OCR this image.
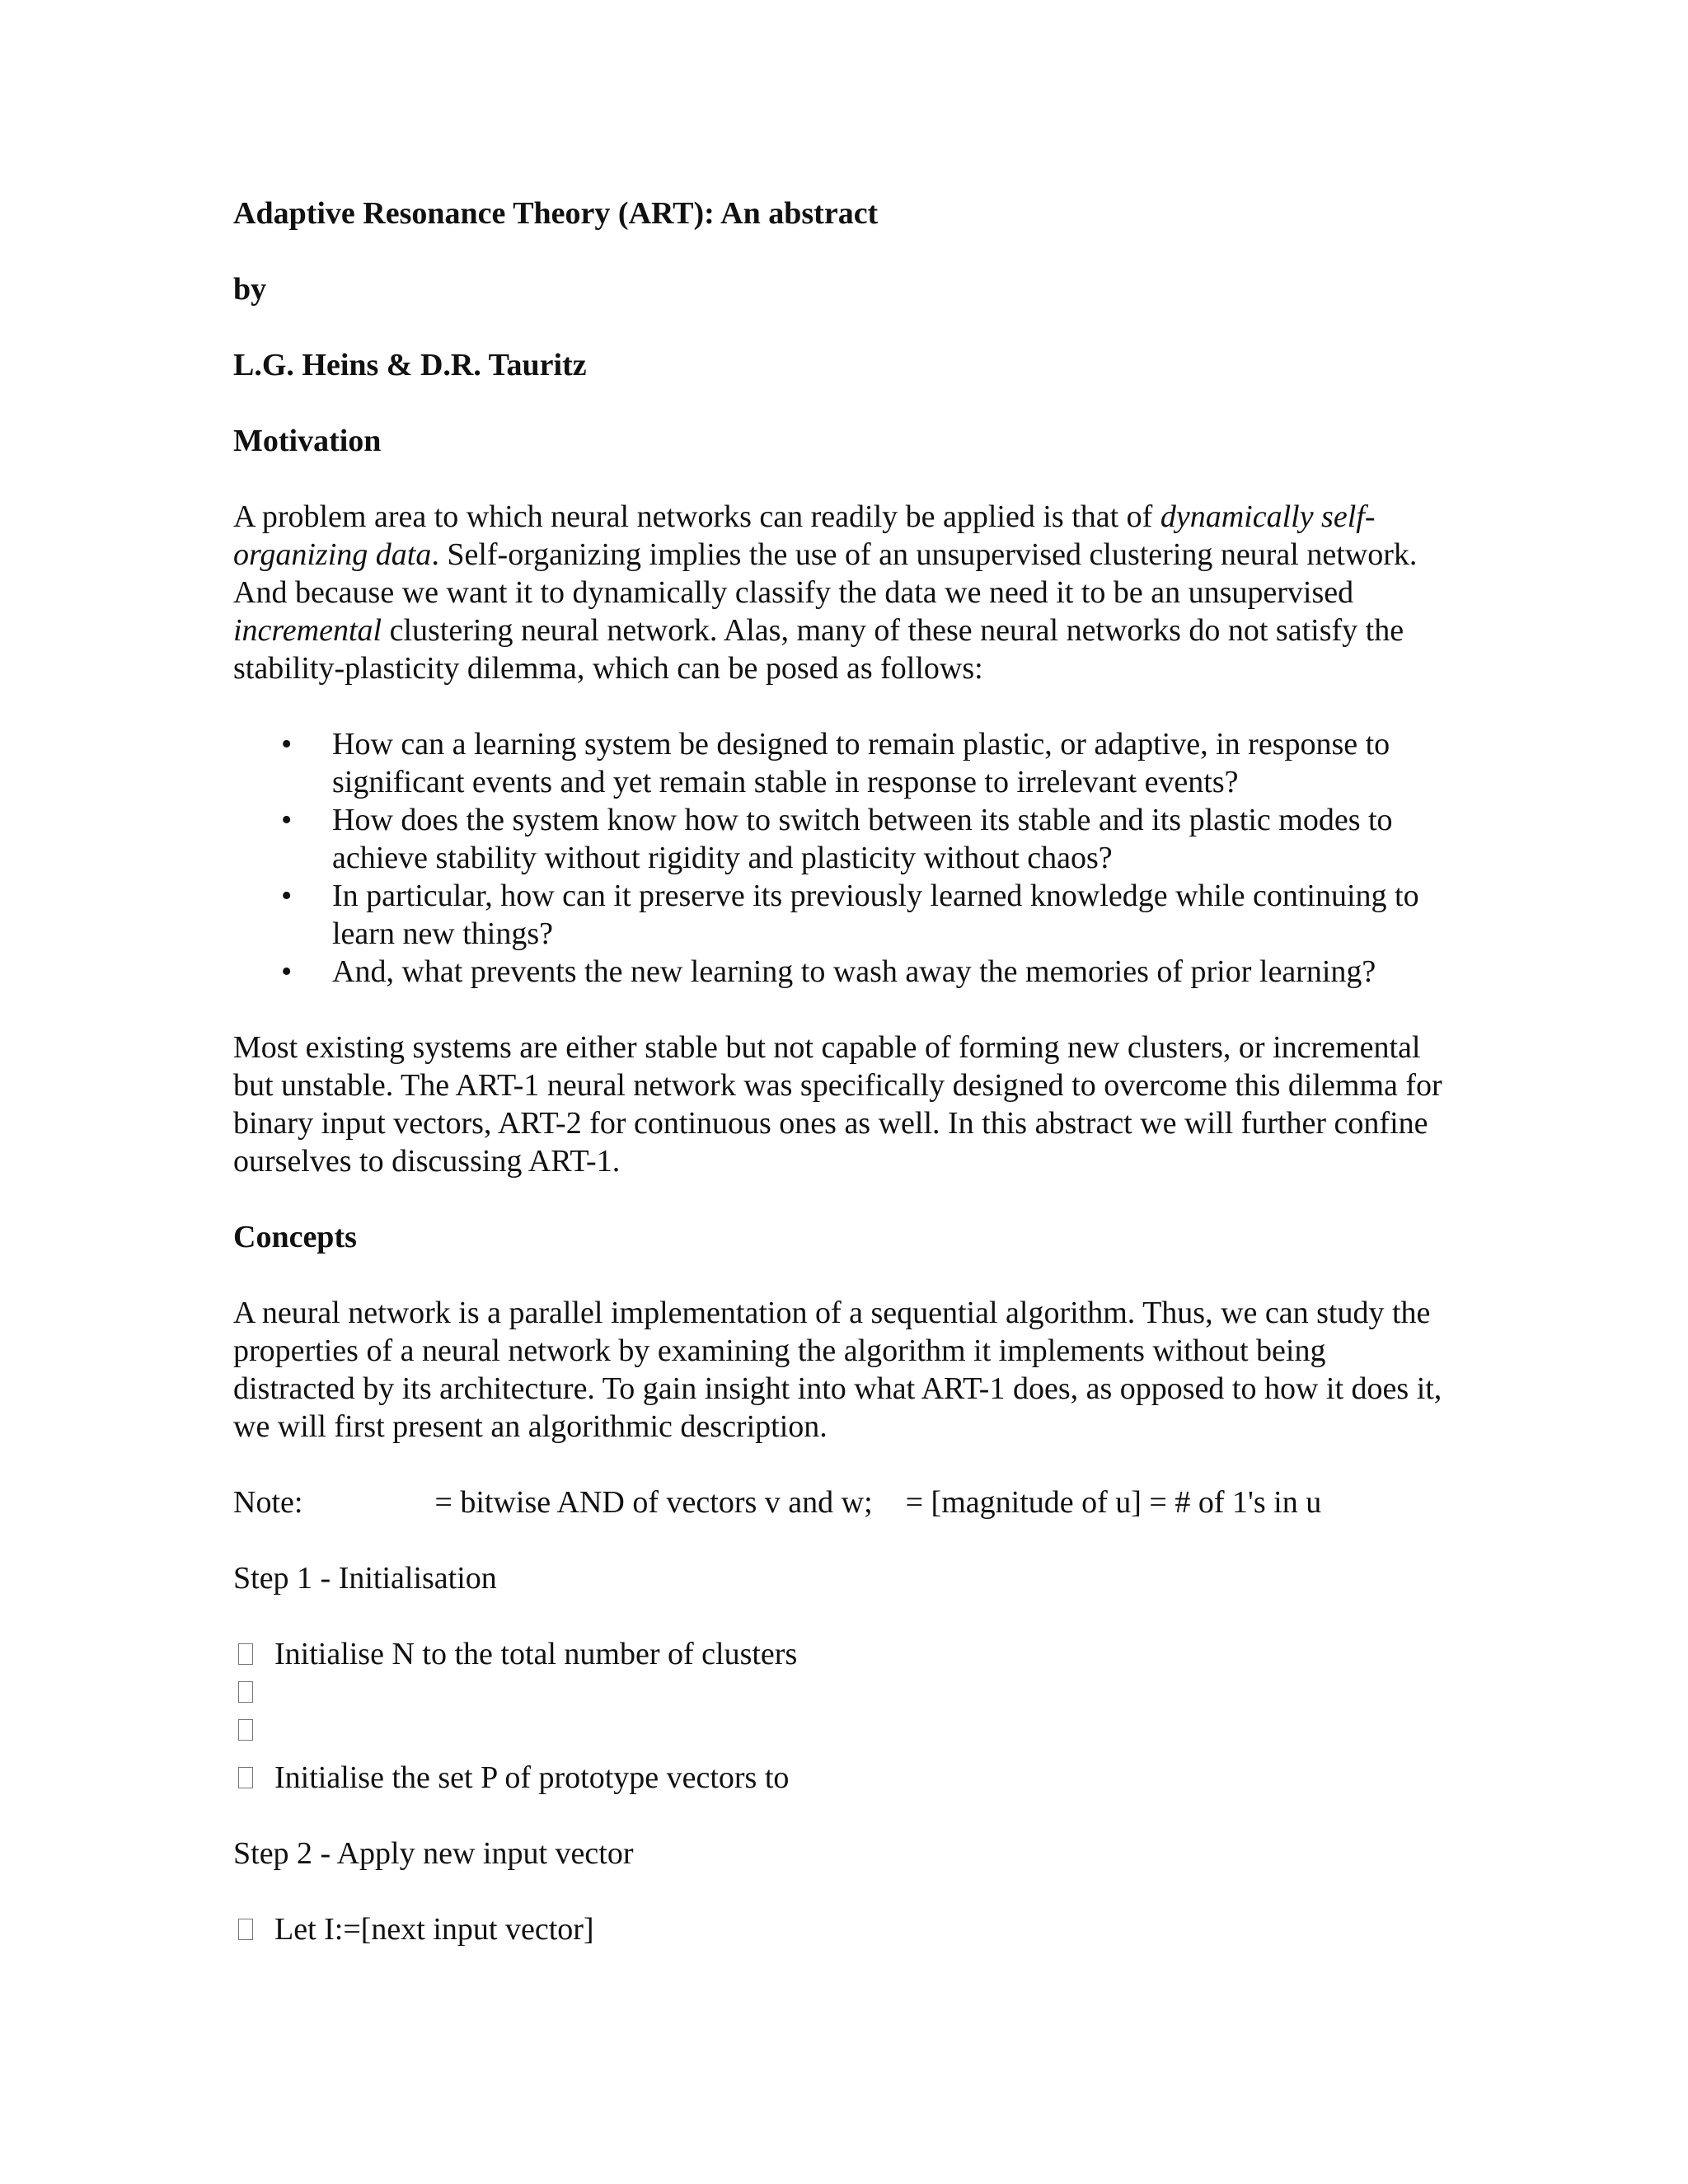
Adaptive Resonance Theory (ART): An abstract

by

L.G. Heins & D.R. Tauritz

Motivation

A problem area to which neural networks can readily be applied is that of dynamically self-organizing data. Self-organizing implies the use of an unsupervised clustering neural network. And because we want it to dynamically classify the data we need it to be an unsupervised incremental clustering neural network. Alas, many of these neural networks do not satisfy the stability-plasticity dilemma, which can be posed as follows:

• How can a learning system be designed to remain plastic, or adaptive, in response to significant events and yet remain stable in response to irrelevant events?
• How does the system know how to switch between its stable and its plastic modes to achieve stability without rigidity and plasticity without chaos?
• In particular, how can it preserve its previously learned knowledge while continuing to learn new things?
• And, what prevents the new learning to wash away the memories of prior learning?

Most existing systems are either stable but not capable of forming new clusters, or incremental but unstable. The ART-1 neural network was specifically designed to overcome this dilemma for binary input vectors, ART-2 for continuous ones as well. In this abstract we will further confine ourselves to discussing ART-1.

Concepts

A neural network is a parallel implementation of a sequential algorithm. Thus, we can study the properties of a neural network by examining the algorithm it implements without being distracted by its architecture. To gain insight into what ART-1 does, as opposed to how it does it, we will first present an algorithmic description.

Note:	= bitwise AND of vectors v and w; = [magnitude of u] = # of 1's in u

Step 1 - Initialisation

Initialise N to the total number of clusters
Initialise the set P of prototype vectors to

Step 2 - Apply new input vector

Let I:=[next input vector]
